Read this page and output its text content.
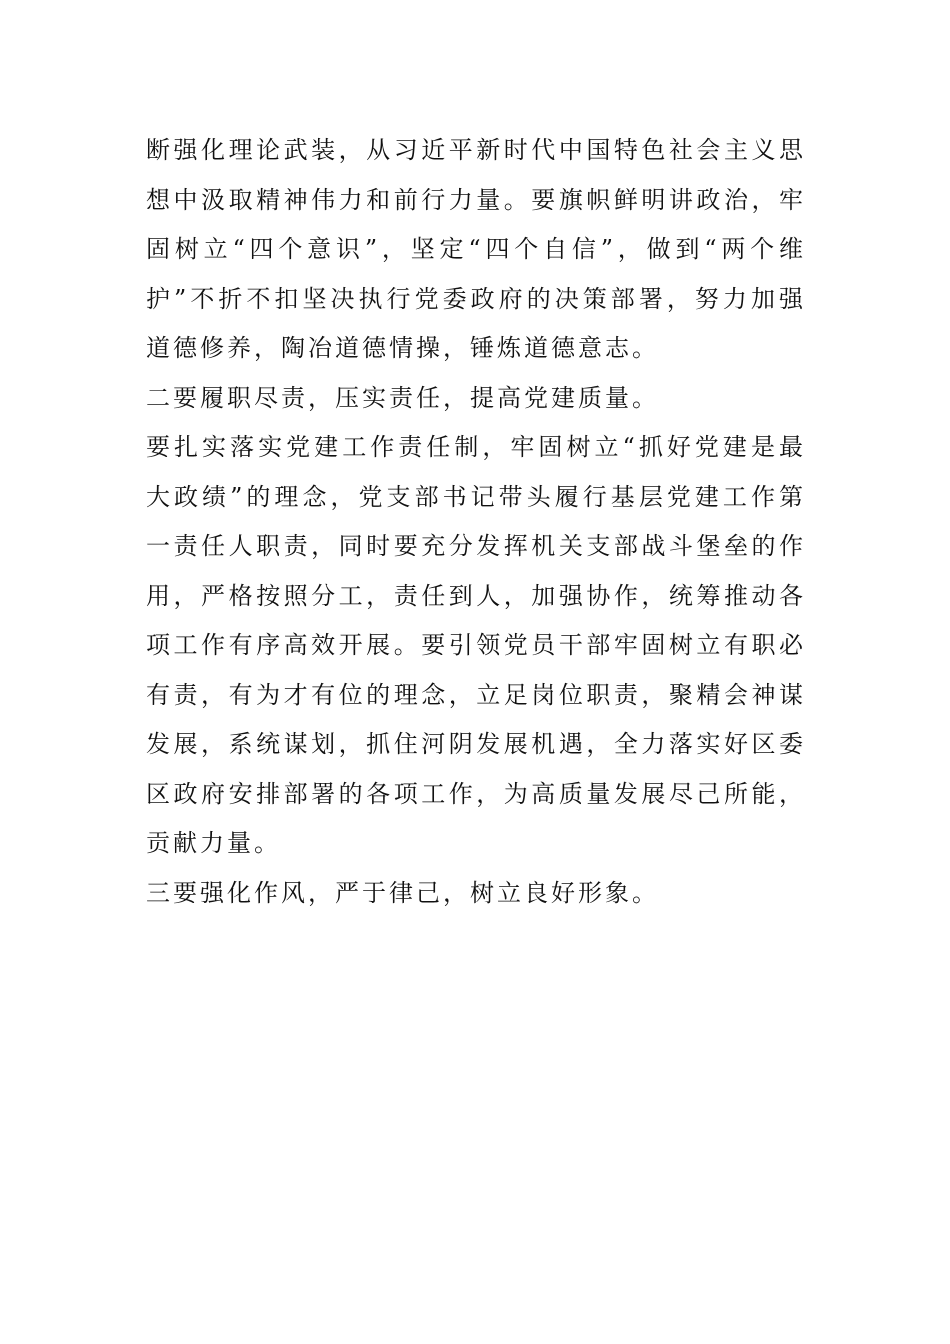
断强化理论武装，从习近平新时代中国特色社会主义思想中汲取精神伟力和前行力量。要旗帜鲜明讲政治，牢固树立“四个意识”，坚定“四个自信”，做到“两个维护”不折不扣坚决执行党委政府的决策部署，努力加强道德修养，陶冶道德情操，锤炼道德意志。

二要履职尽责，压实责任，提高党建质量。

要扎实落实党建工作责任制，牢固树立“抓好党建是最大政绩”的理念，党支部书记带头履行基层党建工作第一责任人职责，同时要充分发挥机关支部战斗堡垒的作用，严格按照分工，责任到人，加强协作，统筹推动各项工作有序高效开展。要引领党员干部牢固树立有职必有责，有为才有位的理念，立足岗位职责，聚精会神谋发展，系统谋划，抓住河阴发展机遇，全力落实好区委区政府安排部署的各项工作，为高质量发展尽己所能，贡献力量。

三要强化作风，严于律己，树立良好形象。
